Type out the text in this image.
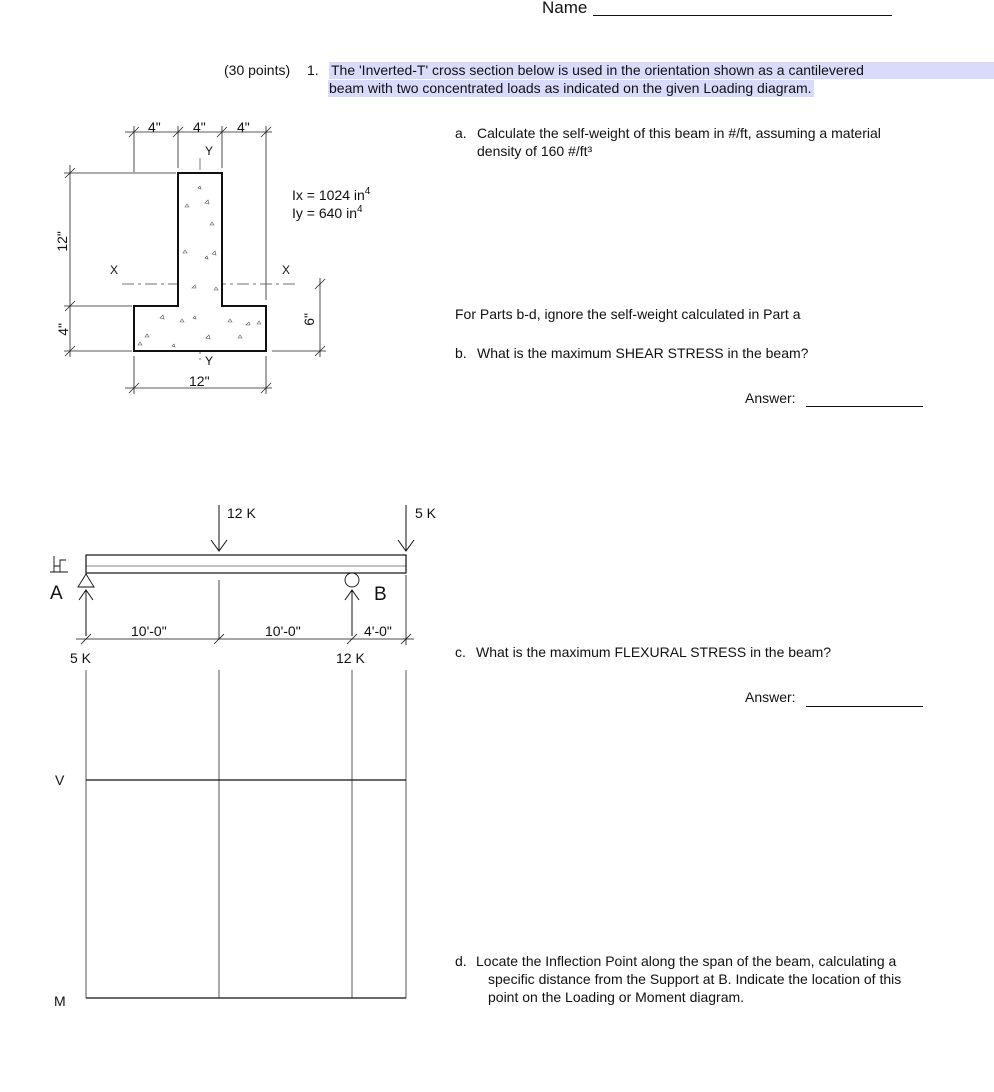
Name
(30 points) 1. The 'Inverted-T' cross section below is used in the orientation shown as a cantilevered
beam with two concentrated loads as indicated on the given Loading diagram.
4" 4" 4"
Y
Y
X	X
12"
4"
6"
12"
Ix = 1024 $in^4$
Iy = 640 $in^4$
a. Calculate the self-weight of this beam in #/ft, assuming a material
density of 160 #/ft³
For Parts b-d, ignore the self-weight calculated in Part a
b. What is the maximum SHEAR STRESS in the beam?
Answer:
c. What is the maximum FLEXURAL STRESS in the beam?
Answer:
d. Locate the Inflection Point along the span of the beam, calculating a
specific distance from the Support at B. Indicate the location of this
point on the Loading or Moment diagram.
12 K	5 K
A	B
10'-0"	10'-0"	4'-0"
5 K	12 K
V
M
